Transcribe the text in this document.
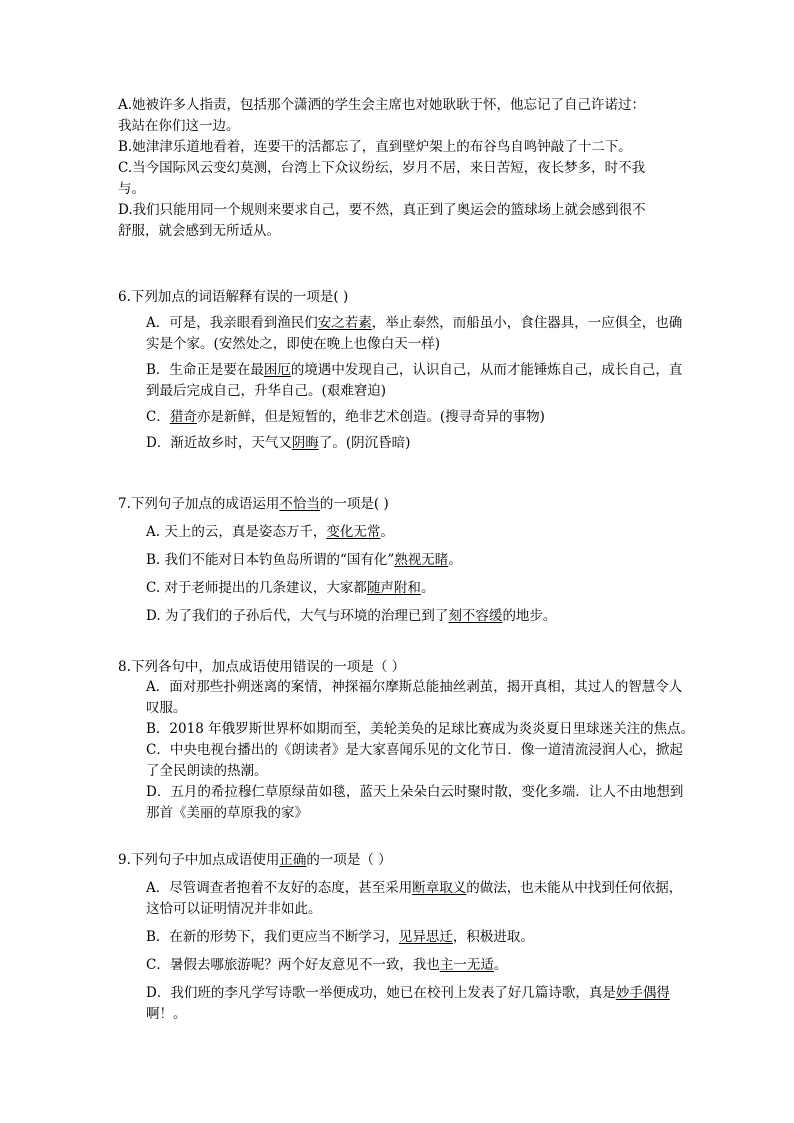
A.她被许多人指责，包括那个潇洒的学生会主席也对她耿耿于怀，他忘记了自己许诺过：
我站在你们这一边。
B.她津津乐道地看着，连要干的活都忘了，直到壁炉架上的布谷鸟自鸣钟敲了十二下。
C.当今国际风云变幻莫测，台湾上下众议纷纭，岁月不居，来日苦短，夜长梦多，时不我
与。
D.我们只能用同一个规则来要求自己，要不然，真正到了奥运会的篮球场上就会感到很不
舒服，就会感到无所适从。
6.下列加点的词语解释有误的一项是( )
A．可是，我亲眼看到渔民们安之若素，举止泰然，而船虽小，食住器具，一应俱全，也确
实是个家。(安然处之，即使在晚上也像白天一样)
B．生命正是要在最困厄的境遇中发现自己，认识自己，从而才能锤炼自己，成长自己，直
到最后完成自己，升华自己。(艰难窘迫)
C．猎奇亦是新鲜，但是短暂的，绝非艺术创造。(搜寻奇异的事物)
D．渐近故乡时，天气又阴晦了。(阴沉昏暗)
7.下列句子加点的成语运用不恰当的一项是( )
A. 天上的云，真是姿态万千，变化无常。
B. 我们不能对日本钓鱼岛所谓的“国有化”熟视无睹。
C. 对于老师提出的几条建议，大家都随声附和。
D. 为了我们的子孙后代，大气与环境的治理已到了刻不容缓的地步。
8.下列各句中，加点成语使用错误的一项是（ ）
A．面对那些扑朔迷离的案情，神探福尔摩斯总能抽丝剥茧，揭开真相，其过人的智慧令人
叹服。
B．2018 年俄罗斯世界杯如期而至，美轮美奂的足球比赛成为炎炎夏日里球迷关注的焦点。
C．中央电视台播出的《朗读者》是大家喜闻乐见的文化节日．像一道清流浸润人心，掀起
了全民朗读的热潮。
D．五月的希拉穆仁草原绿苗如毯，蓝天上朵朵白云时聚时散，变化多端．让人不由地想到
那首《美丽的草原我的家》
9.下列句子中加点成语使用正确的一项是（ ）
A．尽管调查者抱着不友好的态度，甚至采用断章取义的做法，也未能从中找到任何依据，
这恰可以证明情况并非如此。
B．在新的形势下，我们更应当不断学习，见异思迁，积极进取。
C．暑假去哪旅游呢？两个好友意见不一致，我也主一无适。
D．我们班的李凡学写诗歌一举便成功，她已在校刊上发表了好几篇诗歌，真是妙手偶得
啊！。
